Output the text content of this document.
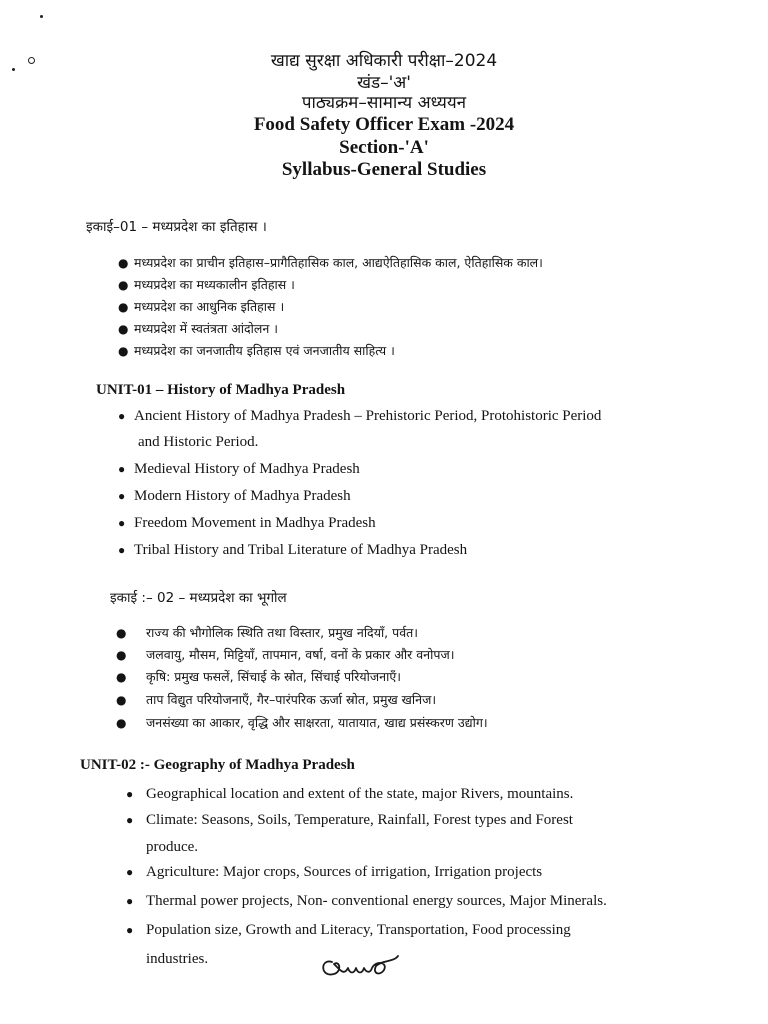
खाद्य सुरक्षा अधिकारी परीक्षा–2024
खंड–'अ'
पाठ्यक्रम–सामान्य अध्ययन
Food Safety Officer Exam -2024
Section-'A'
Syllabus-General Studies
इकाई–01 – मध्यप्रदेश का इतिहास ।
● मध्यप्रदेश का प्राचीन इतिहास–प्रागैतिहासिक काल, आद्यऐतिहासिक काल, ऐतिहासिक काल।
● मध्यप्रदेश का मध्यकालीन इतिहास ।
● मध्यप्रदेश का आधुनिक इतिहास ।
● मध्यप्रदेश में स्वतंत्रता आंदोलन ।
● मध्यप्रदेश का जनजातीय इतिहास एवं जनजातीय साहित्य ।
UNIT-01 – History of Madhya Pradesh
● Ancient History of Madhya Pradesh – Prehistoric Period, Protohistoric Period
and Historic Period.
● Medieval History of Madhya Pradesh
● Modern History of Madhya Pradesh
● Freedom Movement in Madhya Pradesh
● Tribal History and Tribal Literature of Madhya Pradesh
इकाई :– 02 – मध्यप्रदेश का भूगोल
● राज्य की भौगोलिक स्थिति तथा विस्तार, प्रमुख नदियाँ, पर्वत।
● जलवायु, मौसम, मिट्टियाँ, तापमान, वर्षा, वनों के प्रकार और वनोपज।
● कृषि: प्रमुख फसलें, सिंचाई के स्रोत, सिंचाई परियोजनाएँ।
● ताप विद्युत परियोजनाएँ, गैर–पारंपरिक ऊर्जा स्रोत, प्रमुख खनिज।
● जनसंख्या का आकार, वृद्धि और साक्षरता, यातायात, खाद्य प्रसंस्करण उद्योग।
UNIT-02 :- Geography of Madhya Pradesh
● Geographical location and extent of the state, major Rivers, mountains.
● Climate: Seasons, Soils, Temperature, Rainfall, Forest types and Forest
produce.
● Agriculture: Major crops, Sources of irrigation, Irrigation projects
● Thermal power projects, Non- conventional energy sources, Major Minerals.
● Population size, Growth and Literacy, Transportation, Food processing
industries.
